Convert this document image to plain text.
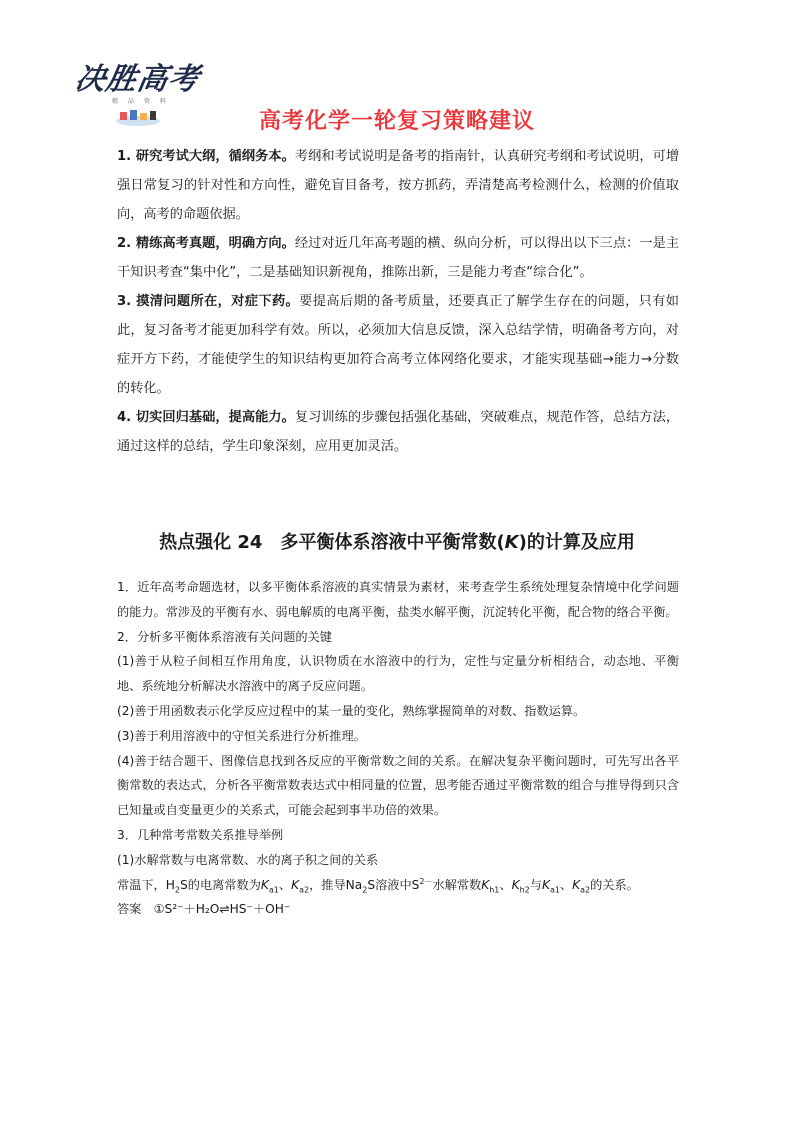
决胜高考
精 品 资 料
高考化学一轮复习策略建议

1. 研究考试大纲，循纲务本。考纲和考试说明是备考的指南针，认真研究考纲和考试说明，可增强日常复习的针对性和方向性，避免盲目备考，按方抓药，弄清楚高考检测什么，检测的价值取向，高考的命题依据。

2. 精练高考真题，明确方向。经过对近几年高考题的横、纵向分析，可以得出以下三点：一是主干知识考查“集中化”，二是基础知识新视角，推陈出新，三是能力考查“综合化”。

3. 摸清问题所在，对症下药。要提高后期的备考质量，还要真正了解学生存在的问题，只有如此，复习备考才能更加科学有效。所以，必须加大信息反馈，深入总结学情，明确备考方向，对症开方下药，才能使学生的知识结构更加符合高考立体网络化要求，才能实现基础→能力→分数的转化。

4. 切实回归基础，提高能力。复习训练的步骤包括强化基础，突破难点，规范作答，总结方法，通过这样的总结，学生印象深刻，应用更加灵活。

热点强化 24　多平衡体系溶液中平衡常数(K)的计算及应用

1．近年高考命题选材，以多平衡体系溶液的真实情景为素材，来考查学生系统处理复杂情境中化学问题的能力。常涉及的平衡有水、弱电解质的电离平衡，盐类水解平衡，沉淀转化平衡，配合物的络合平衡。

2．分析多平衡体系溶液有关问题的关键

(1)善于从粒子间相互作用角度，认识物质在水溶液中的行为，定性与定量分析相结合，动态地、平衡地、系统地分析解决水溶液中的离子反应问题。

(2)善于用函数表示化学反应过程中的某一量的变化，熟练掌握简单的对数、指数运算。

(3)善于利用溶液中的守恒关系进行分析推理。

(4)善于结合题干、图像信息找到各反应的平衡常数之间的关系。在解决复杂平衡问题时，可先写出各平衡常数的表达式，分析各平衡常数表达式中相同量的位置，思考能否通过平衡常数的组合与推导得到只含已知量或自变量更少的关系式，可能会起到事半功倍的效果。

3．几种常考常数关系推导举例

(1)水解常数与电离常数、水的离子积之间的关系

常温下，$H_2S$的电离常数为$K_{a1}$、$K_{a2}$，推导$Na_2S$溶液中$S^{2-}$水解常数$K_{h1}$、$K_{h2}$与$K_{a1}$、$K_{a2}$的关系。

答案　 ①S²⁻＋H₂O⇌HS⁻＋OH⁻
